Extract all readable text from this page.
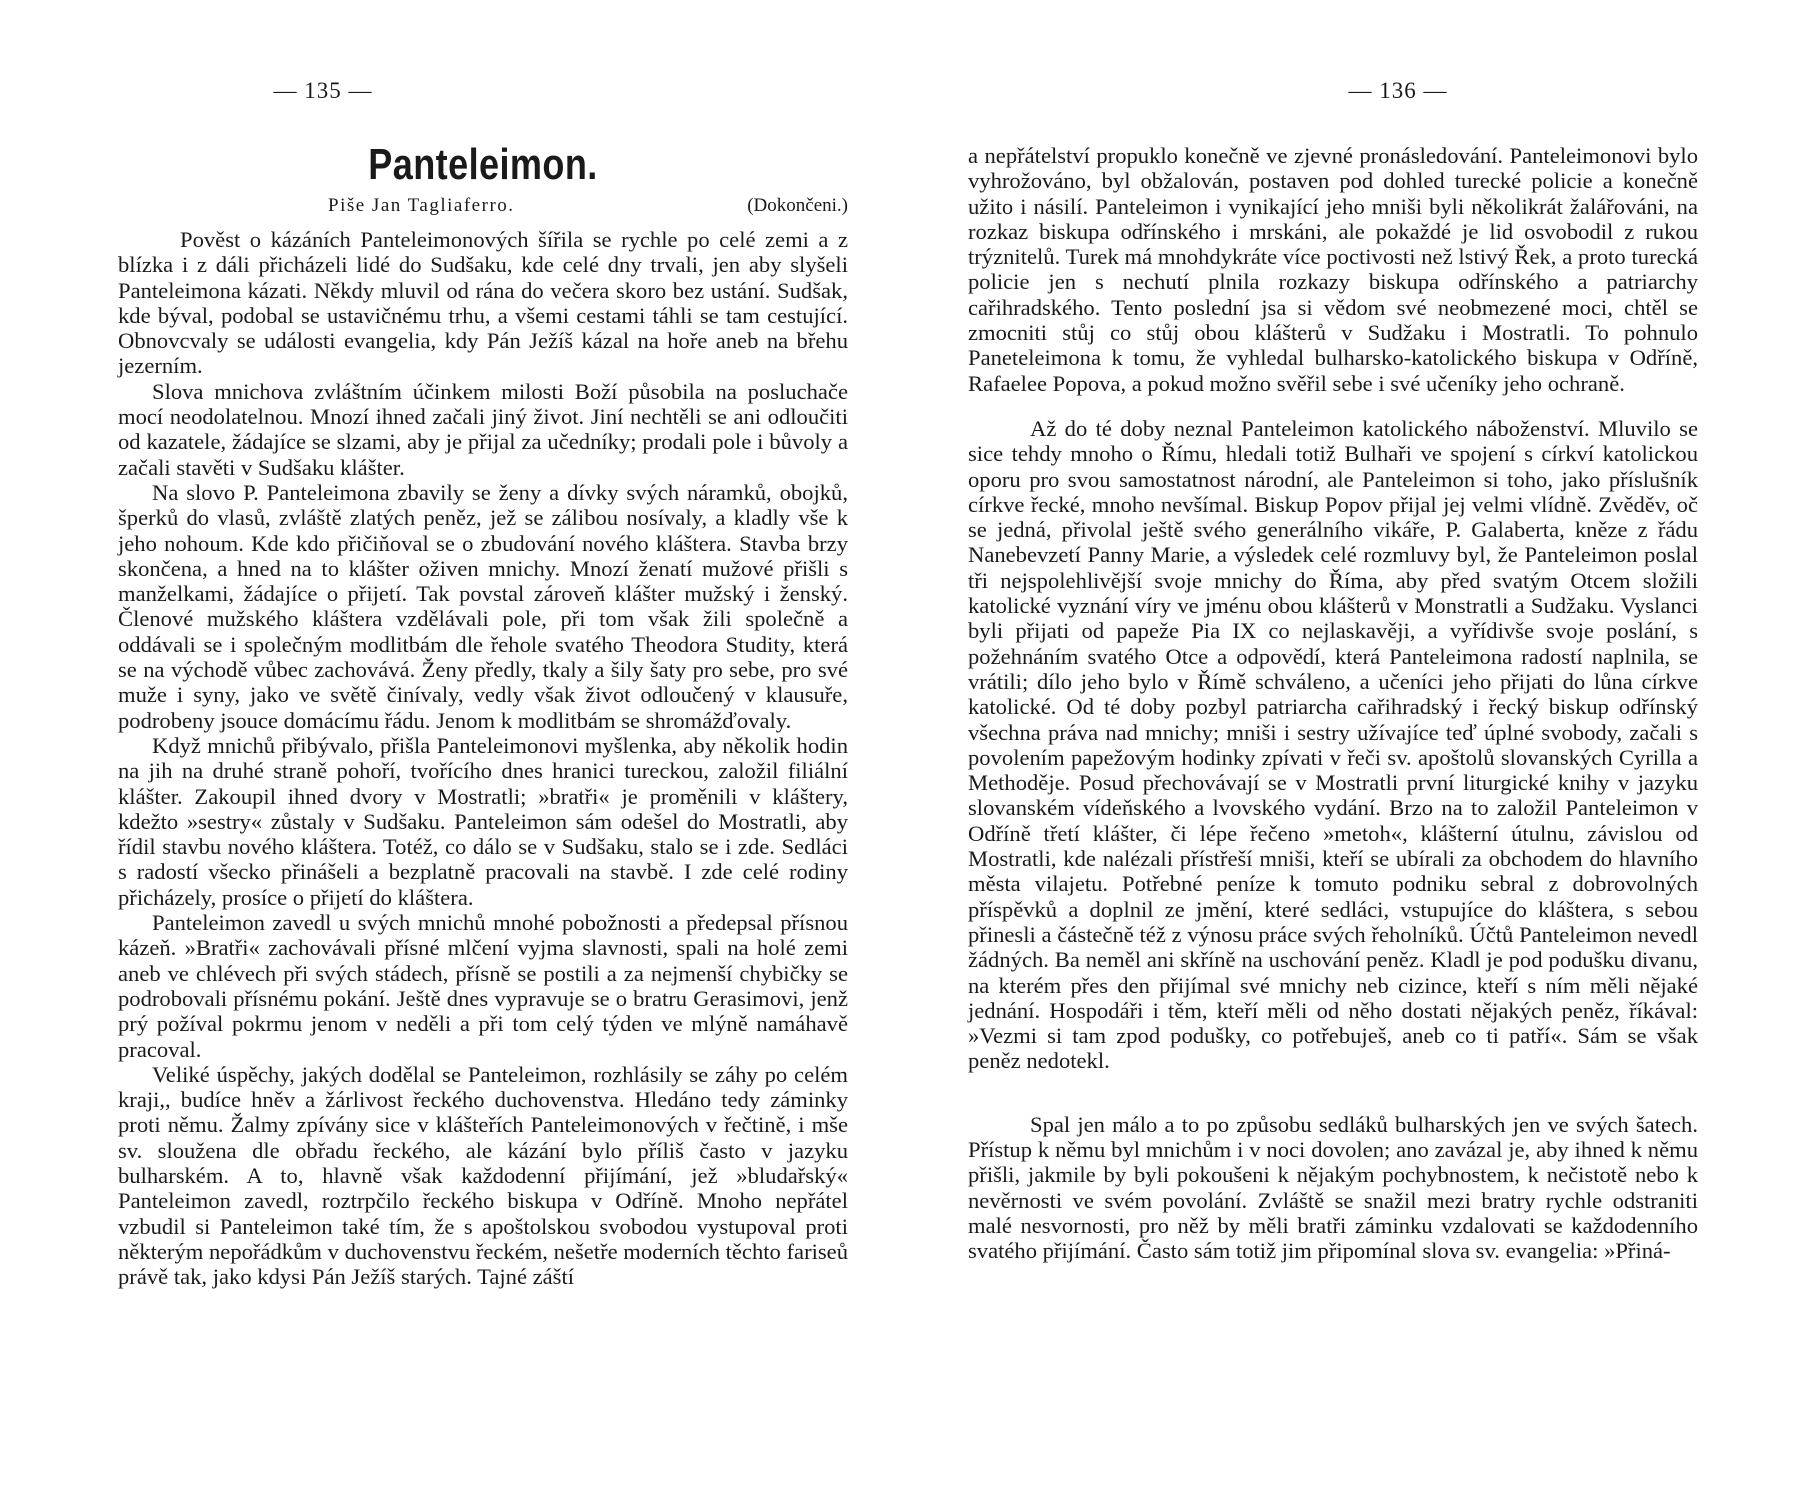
— 135 —
Panteleimon.
Piše Jan Tagliaferro.	(Dokončeni.)

Pověst o kázáních Panteleimonových šířila se rychle po celé zemi a z blízka i z dáli přicházeli lidé do Sudšaku, kde celé dny trvali, jen aby slyšeli Panteleimona kázati. Někdy mluvil od rána do večera skoro bez ustání. Sudšak, kde býval, podobal se ustavičnému trhu, a všemi cestami táhli se tam cestující. Obnovcvaly se události evangelia, kdy Pán Ježíš kázal na hoře aneb na břehu jezerním.

Slova mnichova zvláštním účinkem milosti Boží působila na posluchače mocí neodolatelnou. Mnozí ihned začali jiný život. Jiní nechtěli se ani odloučiti od kazatele, žádajíce se slzami, aby je přijal za učedníky; prodali pole i bůvoly a začali stavěti v Sudšaku klášter.

Na slovo P. Panteleimona zbavily se ženy a dívky svých náramků, obojků, šperků do vlasů, zvláště zlatých peněz, jež se zálibou nosívaly, a kladly vše k jeho nohoum. Kde kdo přičiňoval se o zbudování nového kláštera. Stavba brzy skončena, a hned na to klášter oživen mnichy. Mnozí ženatí mužové přišli s manželkami, žádajíce o přijetí. Tak povstal zároveň klášter mužský i ženský. Členové mužského kláštera vzdělávali pole, při tom však žili společně a oddávali se i společným modlitbám dle řehole svatého Theodora Studity, která se na východě vůbec zachovává. Ženy předly, tkaly a šily šaty pro sebe, pro své muže i syny, jako ve světě činívaly, vedly však život odloučený v klausuře, podrobeny jsouce domácímu řádu. Jenom k modlitbám se shromážďovaly.

Když mnichů přibývalo, přišla Panteleimonovi myšlenka, aby několik hodin na jih na druhé straně pohoří, tvořícího dnes hranici tureckou, založil filiální klášter. Zakoupil ihned dvory v Mostratli; »bratři« je proměnili v kláštery, kdežto »sestry« zůstaly v Sudšaku. Panteleimon sám odešel do Mostratli, aby řídil stavbu nového kláštera. Totéž, co dálo se v Sudšaku, stalo se i zde. Sedláci s radostí všecko přinášeli a bezplatně pracovali na stavbě. I zde celé rodiny přicházely, prosíce o přijetí do kláštera.

Panteleimon zavedl u svých mnichů mnohé pobožnosti a předepsal přísnou kázeň. »Bratři« zachovávali přísné mlčení vyjma slavnosti, spali na holé zemi aneb ve chlévech při svých stádech, přísně se postili a za nejmenší chybičky se podrobovali přísnému pokání. Ještě dnes vypravuje se o bratru Gerasimovi, jenž prý požíval pokrmu jenom v neděli a při tom celý týden ve mlýně namáhavě pracoval.

Veliké úspěchy, jakých dodělal se Panteleimon, rozhlásily se záhy po celém kraji,, budíce hněv a žárlivost řeckého duchovenstva. Hledáno tedy záminky proti němu. Žalmy zpívány sice v klášteřích Panteleimonových v řečtině, i mše sv. sloužena dle obřadu řeckého, ale kázání bylo příliš často v jazyku bulharském. A to, hlavně však každodenní přijímání, jež »bludařský« Panteleimon zavedl, roztrpčilo řeckého biskupa v Odříně. Mnoho nepřátel vzbudil si Panteleimon také tím, že s apoštolskou svobodou vystupoval proti některým nepořádkům v duchovenstvu řeckém, nešetře moderních těchto fariseů právě tak, jako kdysi Pán Ježíš starých. Tajné záští

— 136 —

a nepřátelství propuklo konečně ve zjevné pronásledování. Panteleimonovi bylo vyhrožováno, byl obžalován, postaven pod dohled turecké policie a konečně užito i násilí. Panteleimon i vynikající jeho mniši byli několikrát žalářováni, na rozkaz biskupa odřínského i mrskáni, ale pokaždé je lid osvobodil z rukou trýznitelů. Turek má mnohdykráte více poctivosti než lstivý Řek, a proto turecká policie jen s nechutí plnila rozkazy biskupa odřínského a patriarchy cařihradského. Tento poslední jsa si vědom své neobmezené moci, chtěl se zmocniti stůj co stůj obou klášterů v Sudžaku i Mostratli. To pohnulo Paneteleimona k tomu, že vyhledal bulharsko-katolického biskupa v Odříně, Rafaelee Popova, a pokud možno svěřil sebe i své učeníky jeho ochraně.

Až do té doby neznal Panteleimon katolického náboženství. Mluvilo se sice tehdy mnoho o Římu, hledali totiž Bulhaři ve spojení s církví katolickou oporu pro svou samostatnost národní, ale Panteleimon si toho, jako příslušník církve řecké, mnoho nevšímal. Biskup Popov přijal jej velmi vlídně. Zvěděv, oč se jedná, přivolal ještě svého generálního vikáře, P. Galaberta, kněze z řádu Nanebevzetí Panny Marie, a výsledek celé rozmluvy byl, že Panteleimon poslal tři nejspolehlivější svoje mnichy do Říma, aby před svatým Otcem složili katolické vyznání víry ve jménu obou klášterů v Monstratli a Sudžaku. Vyslanci byli přijati od papeže Pia IX co nejlaskavěji, a vyřídivše svoje poslání, s požehnáním svatého Otce a odpovědí, která Panteleimona radostí naplnila, se vrátili; dílo jeho bylo v Římě schváleno, a učeníci jeho přijati do lůna církve katolické. Od té doby pozbyl patriarcha cařihradský i řecký biskup odřínský všechna práva nad mnichy; mniši i sestry užívajíce teď úplné svobody, začali s povolením papežovým hodinky zpívati v řeči sv. apoštolů slovanských Cyrilla a Methoděje. Posud přechovávají se v Mostratli první liturgické knihy v jazyku slovanském vídeňského a lvovského vydání. Brzo na to založil Panteleimon v Odříně třetí klášter, či lépe řečeno »metoh«, klášterní útulnu, závislou od Mostratli, kde nalézali přístřeší mniši, kteří se ubírali za obchodem do hlavního města vilajetu. Potřebné peníze k tomuto podniku sebral z dobrovolných příspěvků a doplnil ze jmění, které sedláci, vstupujíce do kláštera, s sebou přinesli a částečně též z výnosu práce svých řeholníků. Účtů Panteleimon nevedl žádných. Ba neměl ani skříně na uschování peněz. Kladl je pod podušku divanu, na kterém přes den přijímal své mnichy neb cizince, kteří s ním měli nějaké jednání. Hospodáři i těm, kteří měli od něho dostati nějakých peněz, říkával: »Vezmi si tam zpod podušky, co potřebuješ, aneb co ti patří«. Sám se však peněz nedotekl.

Spal jen málo a to po způsobu sedláků bulharských jen ve svých šatech. Přístup k němu byl mnichům i v noci dovolen; ano zavázal je, aby ihned k němu přišli, jakmile by byli pokoušeni k nějakým pochybnostem, k nečistotě nebo k nevěrnosti ve svém povolání. Zvláště se snažil mezi bratry rychle odstraniti malé nesvornosti, pro něž by měli bratři záminku vzdalovati se každodenního svatého přijímání. Často sám totiž jim připomínal slova sv. evangelia: »Přiná-
